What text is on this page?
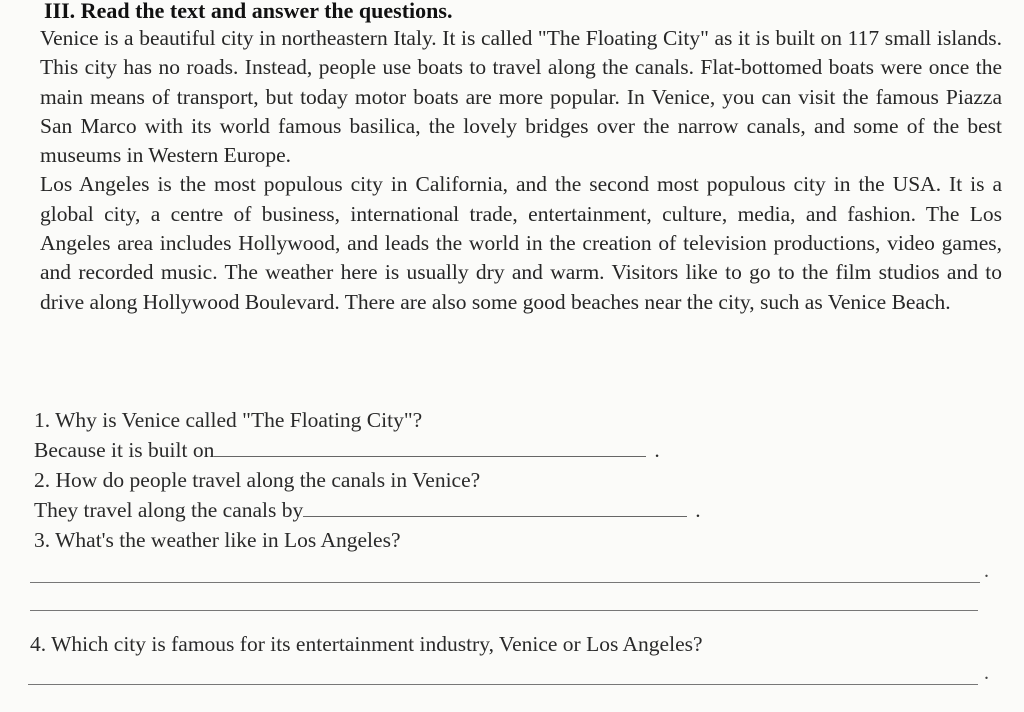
III. Read the text and answer the questions.

Venice is a beautiful city in northeastern Italy. It is called "The Floating City" as it is built on 117 small islands. This city has no roads. Instead, people use boats to travel along the canals. Flat-bottomed boats were once the main means of transport, but today motor boats are more popular. In Venice, you can visit the famous Piazza San Marco with its world famous basilica, the lovely bridges over the narrow canals, and some of the best museums in Western Europe.

Los Angeles is the most populous city in California, and the second most populous city in the USA. It is a global city, a centre of business, international trade, entertainment, culture, media, and fashion. The Los Angeles area includes Hollywood, and leads the world in the creation of television productions, video games, and recorded music. The weather here is usually dry and warm. Visitors like to go to the film studios and to drive along Hollywood Boulevard. There are also some good beaches near the city, such as Venice Beach.

1. Why is Venice called "The Floating City"?
Because it is built on	.
2. How do people travel along the canals in Venice?
They travel along the canals by	.
3. What's the weather like in Los Angeles?
.
4. Which city is famous for its entertainment industry, Venice or Los Angeles?
.
